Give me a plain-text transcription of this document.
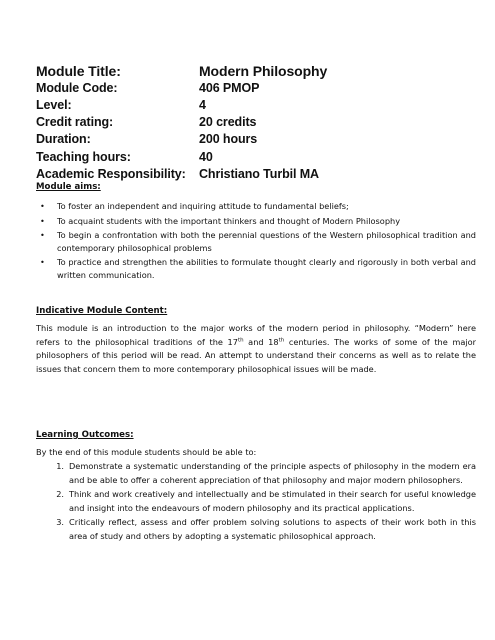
Module Title:	Modern Philosophy
Module Code:	406 PMOP
Level:	4
Credit rating:	20 credits
Duration:	200 hours
Teaching hours:	40
Academic Responsibility:	Christiano Turbil MA
Module aims:
• To foster an independent and inquiring attitude to fundamental beliefs;
• To acquaint students with the important thinkers and thought of Modern Philosophy
• To begin a confrontation with both the perennial questions of the Western philosophical tradition and contemporary philosophical problems
• To practice and strengthen the abilities to formulate thought clearly and rigorously in both verbal and written communication.
Indicative Module Content:

This module is an introduction to the major works of the modern period in philosophy. “Modern” here refers to the philosophical traditions of the 17th and 18th centuries. The works of some of the major philosophers of this period will be read. An attempt to understand their concerns as well as to relate the issues that concern them to more contemporary philosophical issues will be made.

Learning Outcomes:

By the end of this module students should be able to:

1. Demonstrate a systematic understanding of the principle aspects of philosophy in the modern era and be able to offer a coherent appreciation of that philosophy and major modern philosophers.
2. Think and work creatively and intellectually and be stimulated in their search for useful knowledge and insight into the endeavours of modern philosophy and its practical applications.
3. Critically reflect, assess and offer problem solving solutions to aspects of their work both in this area of study and others by adopting a systematic philosophical approach.
